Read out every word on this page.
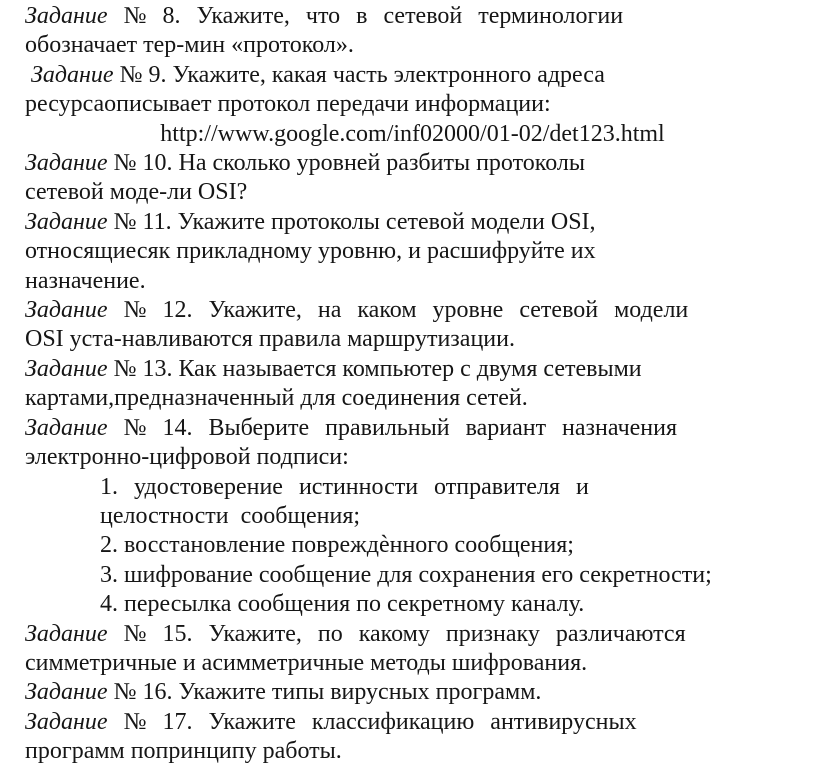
Задание № 8. Укажите, что в сетевой терминологии
обозначает тер-мин «протокол».
Задание № 9. Укажите, какая часть электронного адреса
ресурсаописывает протокол передачи информации:
http://www.google.com/inf02000/01-02/det123.html
Задание № 10. На сколько уровней разбиты протоколы
сетевой моде-ли OSI?
Задание № 11. Укажите протоколы сетевой модели OSI,
относящиесяк прикладному уровню, и расшифруйте их
назначение.
Задание № 12. Укажите, на каком уровне сетевой модели
OSI уста-навливаются правила маршрутизации.
Задание № 13. Как называется компьютер с двумя сетевыми
картами,предназначенный для соединения сетей.
Задание № 14. Выберите правильный вариант назначения
электронно-цифровой подписи:
1. удостоверение истинности отправителя и
целостности  сообщения;
2. восстановление повреждѐнного сообщения;
3. шифрование сообщение для сохранения его секретности;
4. пересылка сообщения по секретному каналу.
Задание № 15. Укажите, по какому признаку различаются
симметричные и асимметричные методы шифрования.
Задание № 16. Укажите типы вирусных программ.
Задание № 17. Укажите классификацию антивирусных
программ попринципу работы.
